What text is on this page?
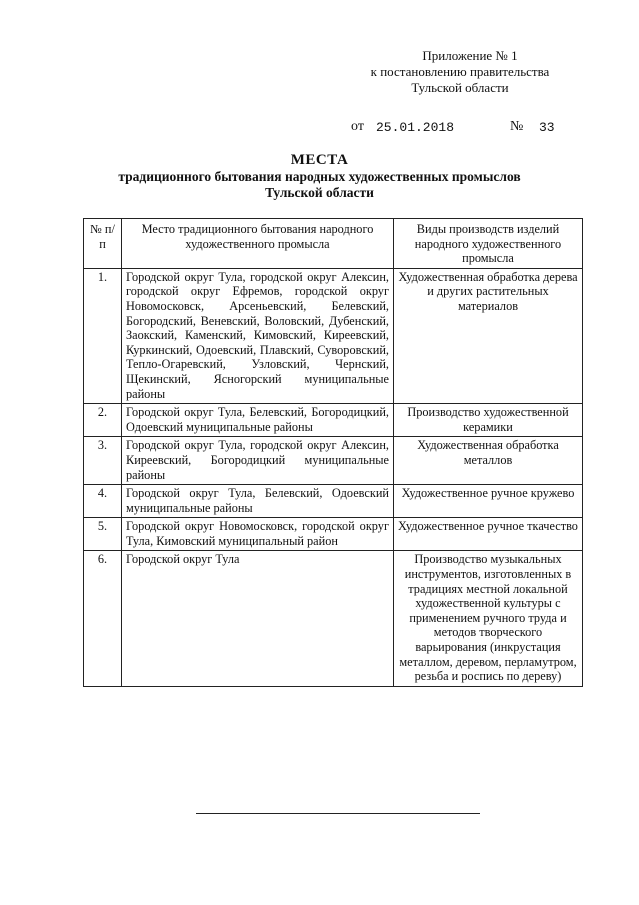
Приложение № 1
к постановлению правительства
Тульской области
от 25.01.2018	№ 33
МЕСТА
традиционного бытования народных художественных промыслов
Тульской области
№ п/п	Место традиционного бытования народного художественного промысла	Виды производств изделий народного художественного промысла
1.	Городской округ Тула, городской округ Алексин, городской округ Ефремов, городской округ Новомосковск, Арсеньевский, Белевский, Богородский, Веневский, Воловский, Дубенский, Заокский, Каменский, Кимовский, Киреевский, Куркинский, Одоевский, Плавский, Суворовский, Тепло-Огаревский, Узловский, Чернский, Щекинский, Ясногорский муниципальные районы	Художественная обработка дерева и других растительных материалов
2.	Городской округ Тула, Белевский, Богородицкий, Одоевский муниципальные районы	Производство художественной керамики
3.	Городской округ Тула, городской округ Алексин, Киреевский, Богородицкий муниципальные районы	Художественная обработка металлов
4.	Городской округ Тула, Белевский, Одоевский муниципальные районы	Художественное ручное кружево
5.	Городской округ Новомосковск, городской округ Тула, Кимовский муниципальный район	Художественное ручное ткачество
6.	Городской округ Тула	Производство музыкальных инструментов, изготовленных в традициях местной локальной художественной культуры с применением ручного труда и методов творческого варьирования (инкрустация металлом, деревом, перламутром, резьба и роспись по дереву)
